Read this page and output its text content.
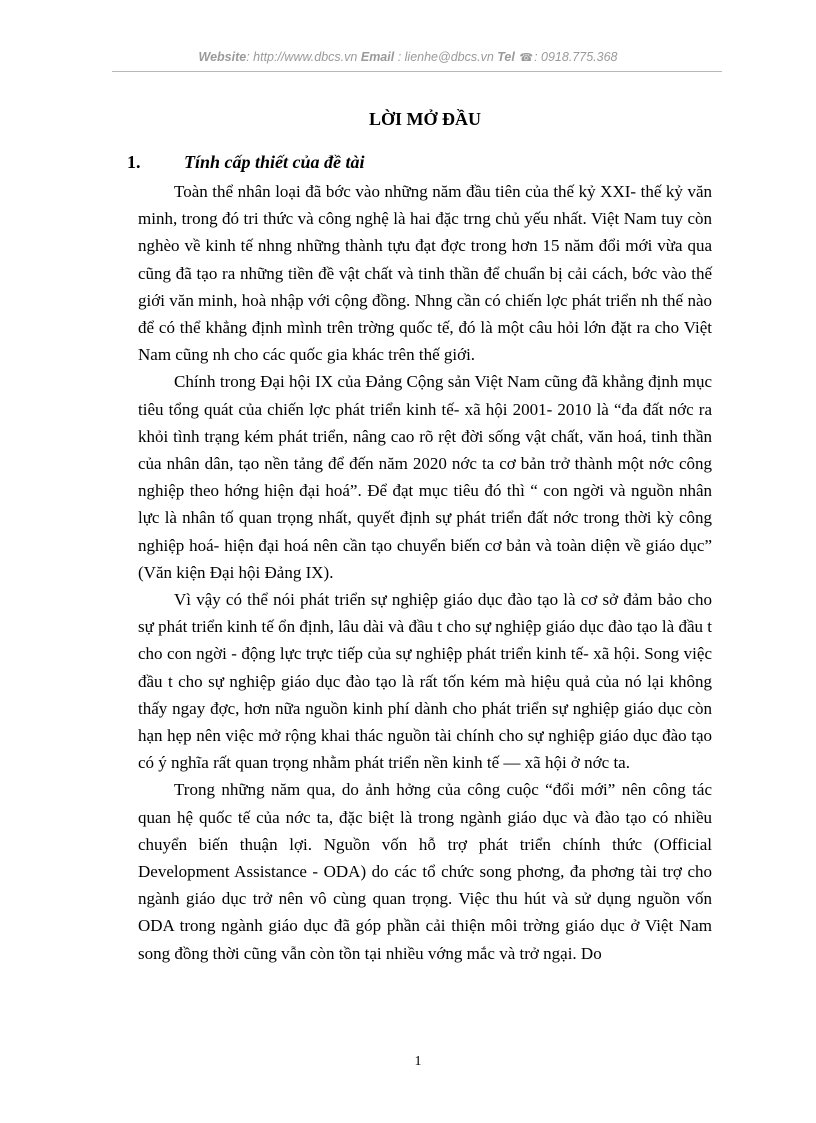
Website: http://www.dbcs.vn Email : lienhe@dbcs.vn Tel ☎: 0918.775.368
LỜI MỞ ĐẦU
1.	Tính cấp thiết của đề tài

Toàn thể nhân loại đã bớc vào những năm đầu tiên của thế kỷ XXI- thế kỷ văn minh, trong đó tri thức và công nghệ là hai đặc trng chủ yếu nhất. Việt Nam tuy còn nghèo về kinh tế nhng những thành tựu đạt đợc trong hơn 15 năm đổi mới vừa qua cũng đã tạo ra những tiền đề vật chất và tinh thần để chuẩn bị cải cách, bớc vào thế giới văn minh, hoà nhập với cộng đồng. Nhng cần có chiến lợc phát triển nh thế nào để có thể khẳng định mình trên trờng quốc tế, đó là một câu hỏi lớn đặt ra cho Việt Nam cũng nh cho các quốc gia khác trên thế giới.

Chính trong Đại hội IX của Đảng Cộng sản Việt Nam cũng đã khẳng định mục tiêu tổng quát của chiến lợc phát triển kinh tế- xã hội 2001- 2010 là “đa đất nớc ra khỏi tình trạng kém phát triển, nâng cao rõ rệt đời sống vật chất, văn hoá, tinh thần của nhân dân, tạo nền tảng để đến năm 2020 nớc ta cơ bản trở thành một nớc công nghiệp theo hớng hiện đại hoá”. Để đạt mục tiêu đó thì “ con ngời và nguồn nhân lực là nhân tố quan trọng nhất, quyết định sự phát triển đất nớc trong thời kỳ công nghiệp hoá- hiện đại hoá nên cần tạo chuyển biến cơ bản và toàn diện về giáo dục” (Văn kiện Đại hội Đảng IX).

Vì vậy có thể nói phát triển sự nghiệp giáo dục đào tạo là cơ sở đảm bảo cho sự phát triển kinh tế ổn định, lâu dài và đầu t cho sự nghiệp giáo dục đào tạo là đầu t cho con ngời - động lực trực tiếp của sự nghiệp phát triển kinh tế- xã hội. Song việc đầu t cho sự nghiệp giáo dục đào tạo là rất tốn kém mà hiệu quả của nó lại không thấy ngay đợc, hơn nữa nguồn kinh phí dành cho phát triển sự nghiệp giáo dục còn hạn hẹp nên việc mở rộng khai thác nguồn tài chính cho sự nghiệp giáo dục đào tạo có ý nghĩa rất quan trọng nhằm phát triển nền kinh tế — xã hội ở nớc ta.

Trong những năm qua, do ảnh hởng của công cuộc “đổi mới” nên công tác quan hệ quốc tế của nớc ta, đặc biệt là trong ngành giáo dục và đào tạo có nhiều chuyển biến thuận lợi. Nguồn vốn hỗ trợ phát triển chính thức (Official Development Assistance - ODA) do các tổ chức song phơng, đa phơng tài trợ cho ngành giáo dục trở nên vô cùng quan trọng. Việc thu hút và sử dụng nguồn vốn ODA trong ngành giáo dục đã góp phần cải thiện môi trờng giáo dục ở Việt Nam song đồng thời cũng vẫn còn tồn tại nhiều vớng mắc và trở ngại. Do

1
